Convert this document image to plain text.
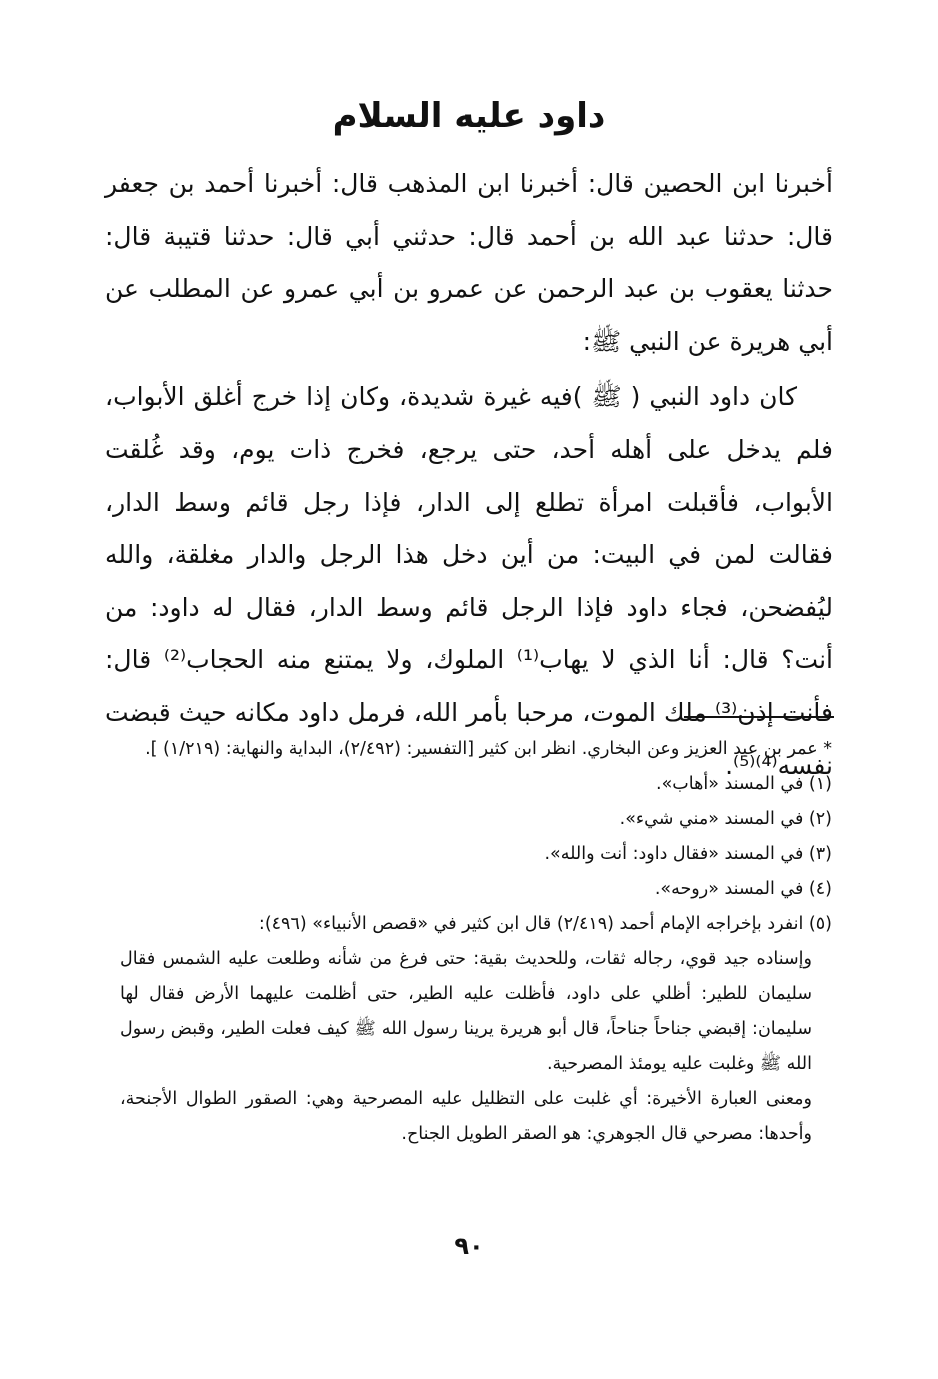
داود عليه السلام

أخبرنا ابن الحصين قال: أخبرنا ابن المذهب قال: أخبرنا أحمد بن جعفر قال: حدثنا عبد الله بن أحمد قال: حدثني أبي قال: حدثنا قتيبة قال: حدثنا يعقوب بن عبد الرحمن عن عمرو بن أبي عمرو عن المطلب عن أبي هريرة عن النبي ﷺ:

كان داود النبي ( ﷺ )فيه غيرة شديدة، وكان إذا خرج أغلق الأبواب، فلم يدخل على أهله أحد، حتى يرجع، فخرج ذات يوم، وقد غُلقت الأبواب، فأقبلت امرأة تطلع إلى الدار، فإذا رجل قائم وسط الدار، فقالت لمن في البيت: من أين دخل هذا الرجل والدار مغلقة، والله ليُفضحن، فجاء داود فإذا الرجل قائم وسط الدار، فقال له داود: من أنت؟ قال: أنا الذي لا يهاب⁽¹⁾ الملوك، ولا يمتنع منه الحجاب⁽²⁾ قال: فأنت إذن⁽³⁾ ملك الموت، مرحبا بأمر الله، فرمل داود مكانه حيث قبضت نفسه⁽⁴⁾⁽⁵⁾.

* عمر بن عبد العزيز وعن البخاري. انظر ابن كثير [التفسير: (٢/٤٩٢)، البداية والنهاية: (١/٢١٩) ].

(١) في المسند «أهاب».

(٢) في المسند «مني شيء».

(٣) في المسند «فقال داود: أنت والله».

(٤) في المسند «روحه».

(٥) انفرد بإخراجه الإمام أحمد (٢/٤١٩) قال ابن كثير في «قصص الأنبياء» (٤٩٦):

وإسناده جيد قوي، رجاله ثقات، وللحديث بقية: حتى فرغ من شأنه وطلعت عليه الشمس فقال سليمان للطير: أظلي على داود، فأظلت عليه الطير، حتى أظلمت عليهما الأرض فقال لها سليمان: إقبضي جناحاً جناحاً، قال أبو هريرة يرينا رسول الله ﷺ كيف فعلت الطير، وقبض رسول الله ﷺ وغلبت عليه يومئذ المصرحية.

ومعنى العبارة الأخيرة: أي غلبت على التظليل عليه المصرحية وهي: الصقور الطوال الأجنحة، وأحدها: مصرحي قال الجوهري: هو الصقر الطويل الجناح.

٩٠
